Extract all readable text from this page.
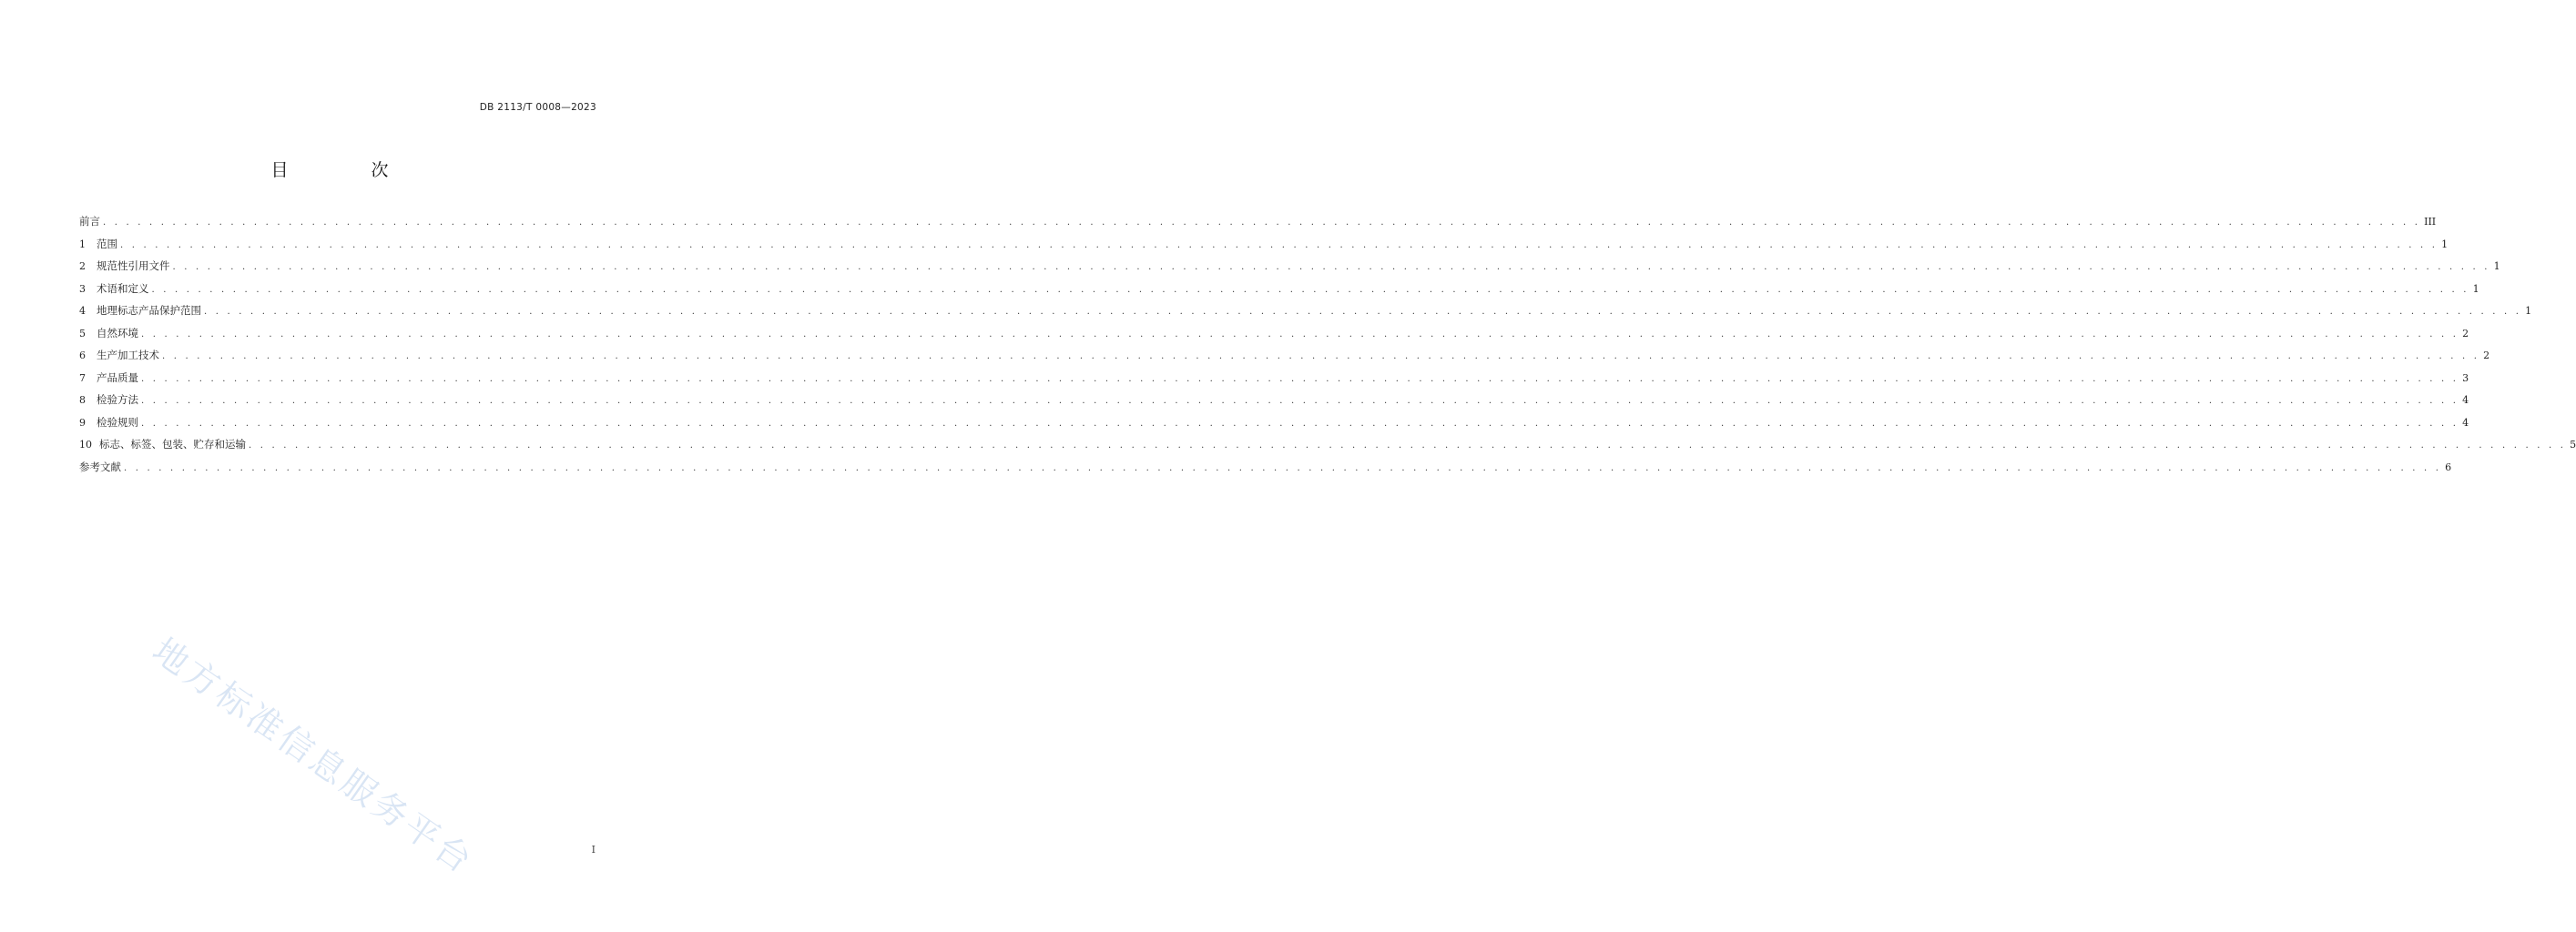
DB 2113/T 0008—2023
目　次
前言 . . . . . . . . . . . . . . . . . . . . . . . . . . . . . . . . . . . . . . . . . . . . . . . . . . . . . . . . . . . . . . . . . . . . . . . . . . . . . . . . . . . . . . . . . . . . . . . . . . . . . . . . . . . . . . . . . . . . . . . . . . . . . . . . . . . . . . . . . . . . . . . . . . . . . . . . . . . . . . . . . . . . . . . . . . . . . . . . . . . . . . . . . . . . . . . . . . . . . . . . III
1	范围 . . . . . . . . . . . . . . . . . . . . . . . . . . . . . . . . . . . . . . . . . . . . . . . . . . . . . . . . . . . . . . . . . . . . . . . . . . . . . . . . . . . . . . . . . . . . . . . . . . . . . . . . . . . . . . . . . . . . . . . . . . . . . . . . . . . . . . . . . . . . . . . . . . . . . . . . . . . . . . . . . . . . . . . . . . . . . . . . . . . . . . . . . . . . . . . . . . . . . . . . 1
2	规范性引用文件 . . . . . . . . . . . . . . . . . . . . . . . . . . . . . . . . . . . . . . . . . . . . . . . . . . . . . . . . . . . . . . . . . . . . . . . . . . . . . . . . . . . . . . . . . . . . . . . . . . . . . . . . . . . . . . . . . . . . . . . . . . . . . . . . . . . . . . . . . . . . . . . . . . . . . . . . . . . . . . . . . . . . . . . . . . . . . . . . . . . . . . . . . . . . . . . . . . . . . . . . 1
3	术语和定义 . . . . . . . . . . . . . . . . . . . . . . . . . . . . . . . . . . . . . . . . . . . . . . . . . . . . . . . . . . . . . . . . . . . . . . . . . . . . . . . . . . . . . . . . . . . . . . . . . . . . . . . . . . . . . . . . . . . . . . . . . . . . . . . . . . . . . . . . . . . . . . . . . . . . . . . . . . . . . . . . . . . . . . . . . . . . . . . . . . . . . . . . . . . . . . . . . . . . . . . . 1
4	地理标志产品保护范围 . . . . . . . . . . . . . . . . . . . . . . . . . . . . . . . . . . . . . . . . . . . . . . . . . . . . . . . . . . . . . . . . . . . . . . . . . . . . . . . . . . . . . . . . . . . . . . . . . . . . . . . . . . . . . . . . . . . . . . . . . . . . . . . . . . . . . . . . . . . . . . . . . . . . . . . . . . . . . . . . . . . . . . . . . . . . . . . . . . . . . . . . . . . . . . . . . . . . . . . . 1
5	自然环境 . . . . . . . . . . . . . . . . . . . . . . . . . . . . . . . . . . . . . . . . . . . . . . . . . . . . . . . . . . . . . . . . . . . . . . . . . . . . . . . . . . . . . . . . . . . . . . . . . . . . . . . . . . . . . . . . . . . . . . . . . . . . . . . . . . . . . . . . . . . . . . . . . . . . . . . . . . . . . . . . . . . . . . . . . . . . . . . . . . . . . . . . . . . . . . . . . . . . . . . . 2
6	生产加工技术 . . . . . . . . . . . . . . . . . . . . . . . . . . . . . . . . . . . . . . . . . . . . . . . . . . . . . . . . . . . . . . . . . . . . . . . . . . . . . . . . . . . . . . . . . . . . . . . . . . . . . . . . . . . . . . . . . . . . . . . . . . . . . . . . . . . . . . . . . . . . . . . . . . . . . . . . . . . . . . . . . . . . . . . . . . . . . . . . . . . . . . . . . . . . . . . . . . . . . . . . 2
7	产品质量 . . . . . . . . . . . . . . . . . . . . . . . . . . . . . . . . . . . . . . . . . . . . . . . . . . . . . . . . . . . . . . . . . . . . . . . . . . . . . . . . . . . . . . . . . . . . . . . . . . . . . . . . . . . . . . . . . . . . . . . . . . . . . . . . . . . . . . . . . . . . . . . . . . . . . . . . . . . . . . . . . . . . . . . . . . . . . . . . . . . . . . . . . . . . . . . . . . . . . . . . 3
8	检验方法 . . . . . . . . . . . . . . . . . . . . . . . . . . . . . . . . . . . . . . . . . . . . . . . . . . . . . . . . . . . . . . . . . . . . . . . . . . . . . . . . . . . . . . . . . . . . . . . . . . . . . . . . . . . . . . . . . . . . . . . . . . . . . . . . . . . . . . . . . . . . . . . . . . . . . . . . . . . . . . . . . . . . . . . . . . . . . . . . . . . . . . . . . . . . . . . . . . . . . . . . 4
9	检验规则 . . . . . . . . . . . . . . . . . . . . . . . . . . . . . . . . . . . . . . . . . . . . . . . . . . . . . . . . . . . . . . . . . . . . . . . . . . . . . . . . . . . . . . . . . . . . . . . . . . . . . . . . . . . . . . . . . . . . . . . . . . . . . . . . . . . . . . . . . . . . . . . . . . . . . . . . . . . . . . . . . . . . . . . . . . . . . . . . . . . . . . . . . . . . . . . . . . . . . . . . 4
10 标志、标签、包装、贮存和运输 . . . . . . . . . . . . . . . . . . . . . . . . . . . . . . . . . . . . . . . . . . . . . . . . . . . . . . . . . . . . . . . . . . . . . . . . . . . . . . . . . . . . . . . . . . . . . . . . . . . . . . . . . . . . . . . . . . . . . . . . . . . . . . . . . . . . . . . . . . . . . . . . . . . . . . . . . . . . . . . . . . . . . . . . . . . . . . . . . . . . . . . . . . . . . . . . . . . . . . . . 5
参考文献 . . . . . . . . . . . . . . . . . . . . . . . . . . . . . . . . . . . . . . . . . . . . . . . . . . . . . . . . . . . . . . . . . . . . . . . . . . . . . . . . . . . . . . . . . . . . . . . . . . . . . . . . . . . . . . . . . . . . . . . . . . . . . . . . . . . . . . . . . . . . . . . . . . . . . . . . . . . . . . . . . . . . . . . . . . . . . . . . . . . . . . . . . . . . . . . . . . . . . . . . 6
地方标准信息服务平台	I
